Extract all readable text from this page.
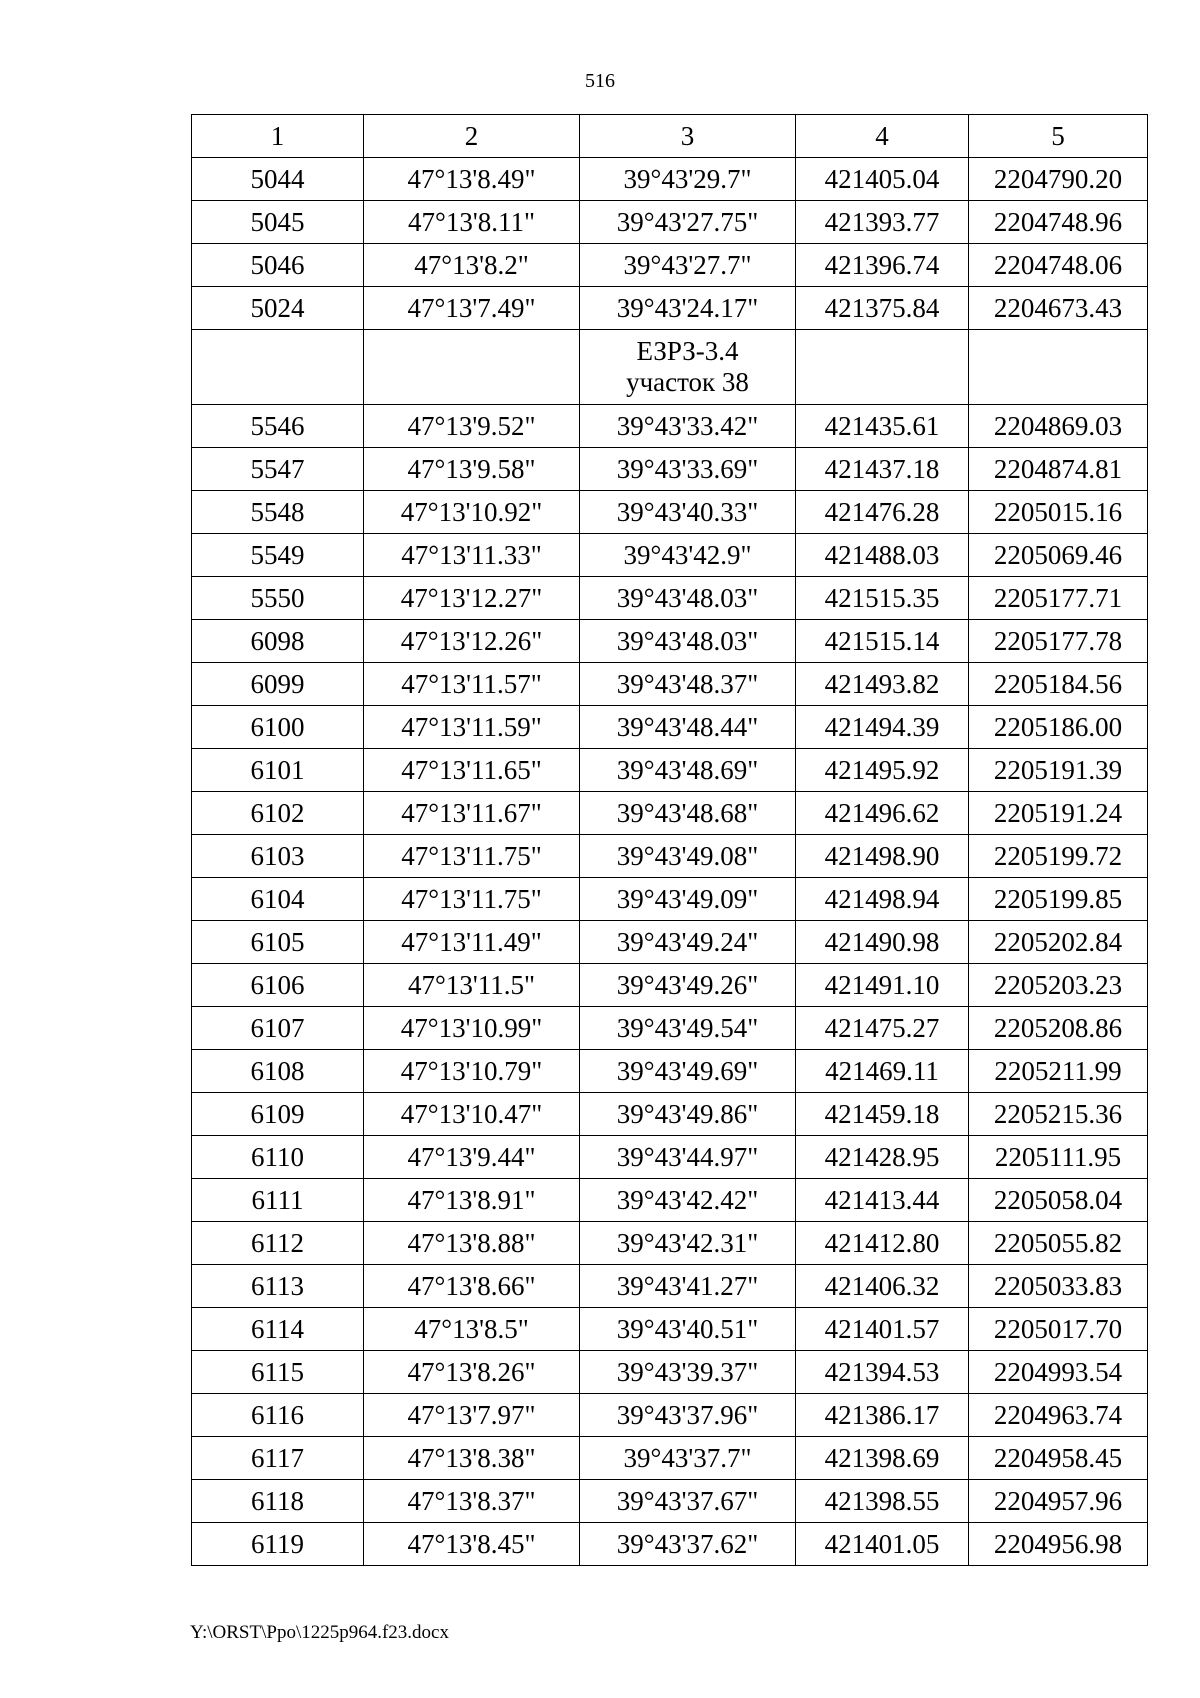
516
1	2	3	4	5
5044	47°13'8.49"	39°43'29.7"	421405.04	2204790.20
5045	47°13'8.11"	39°43'27.75"	421393.77	2204748.96
5046	47°13'8.2"	39°43'27.7"	421396.74	2204748.06
5024	47°13'7.49"	39°43'24.17"	421375.84	2204673.43

		ЕЗРЗ-3.4
участок 38		

5546	47°13'9.52"	39°43'33.42"	421435.61	2204869.03
5547	47°13'9.58"	39°43'33.69"	421437.18	2204874.81
5548	47°13'10.92"	39°43'40.33"	421476.28	2205015.16
5549	47°13'11.33"	39°43'42.9"	421488.03	2205069.46
5550	47°13'12.27"	39°43'48.03"	421515.35	2205177.71
6098	47°13'12.26"	39°43'48.03"	421515.14	2205177.78
6099	47°13'11.57"	39°43'48.37"	421493.82	2205184.56
6100	47°13'11.59"	39°43'48.44"	421494.39	2205186.00
6101	47°13'11.65"	39°43'48.69"	421495.92	2205191.39
6102	47°13'11.67"	39°43'48.68"	421496.62	2205191.24
6103	47°13'11.75"	39°43'49.08"	421498.90	2205199.72
6104	47°13'11.75"	39°43'49.09"	421498.94	2205199.85
6105	47°13'11.49"	39°43'49.24"	421490.98	2205202.84
6106	47°13'11.5"	39°43'49.26"	421491.10	2205203.23
6107	47°13'10.99"	39°43'49.54"	421475.27	2205208.86
6108	47°13'10.79"	39°43'49.69"	421469.11	2205211.99
6109	47°13'10.47"	39°43'49.86"	421459.18	2205215.36
6110	47°13'9.44"	39°43'44.97"	421428.95	2205111.95
6111	47°13'8.91"	39°43'42.42"	421413.44	2205058.04
6112	47°13'8.88"	39°43'42.31"	421412.80	2205055.82
6113	47°13'8.66"	39°43'41.27"	421406.32	2205033.83
6114	47°13'8.5"	39°43'40.51"	421401.57	2205017.70
6115	47°13'8.26"	39°43'39.37"	421394.53	2204993.54
6116	47°13'7.97"	39°43'37.96"	421386.17	2204963.74
6117	47°13'8.38"	39°43'37.7"	421398.69	2204958.45
6118	47°13'8.37"	39°43'37.67"	421398.55	2204957.96
6119	47°13'8.45"	39°43'37.62"	421401.05	2204956.98
Y:\ORST\Ppo\1225p964.f23.docx
